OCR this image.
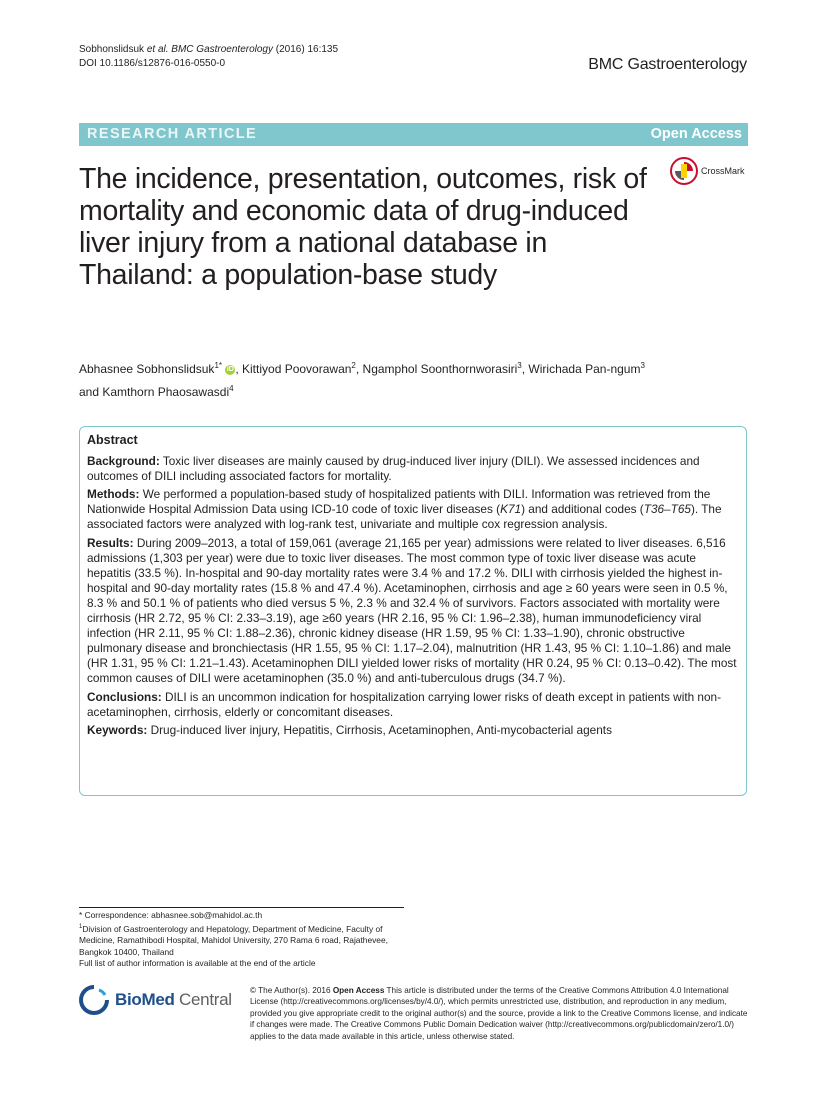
Sobhonslidsuk et al. BMC Gastroenterology (2016) 16:135
DOI 10.1186/s12876-016-0550-0	BMC Gastroenterology
RESEARCH ARTICLE	Open Access
CrossMark
The incidence, presentation, outcomes, risk of mortality and economic data of drug-induced liver injury from a national database in Thailand: a population-base study
Abhasnee Sobhonslidsuk$^{1*}$ iD , Kittiyod Poovorawan$^2$, Ngamphol Soonthornworasiri$^3$, Wirichada Pan-ngum$^3$
and Kamthorn Phaosawasdi$^4$
Abstract

Background: Toxic liver diseases are mainly caused by drug-induced liver injury (DILI). We assessed incidences and outcomes of DILI including associated factors for mortality.

Methods: We performed a population-based study of hospitalized patients with DILI. Information was retrieved from the Nationwide Hospital Admission Data using ICD-10 code of toxic liver diseases (K71) and additional codes (T36–T65). The associated factors were analyzed with log-rank test, univariate and multiple cox regression analysis.

Results: During 2009–2013, a total of 159,061 (average 21,165 per year) admissions were related to liver diseases. 6,516 admissions (1,303 per year) were due to toxic liver diseases. The most common type of toxic liver disease was acute hepatitis (33.5 %). In-hospital and 90-day mortality rates were 3.4 % and 17.2 %. DILI with cirrhosis yielded the highest in-hospital and 90-day mortality rates (15.8 % and 47.4 %). Acetaminophen, cirrhosis and age ≥ 60 years were seen in 0.5 %, 8.3 % and 50.1 % of patients who died versus 5 %, 2.3 % and 32.4 % of survivors. Factors associated with mortality were cirrhosis (HR 2.72, 95 % CI: 2.33–3.19), age ≥60 years (HR 2.16, 95 % CI: 1.96–2.38), human immunodeficiency viral infection (HR 2.11, 95 % CI: 1.88–2.36), chronic kidney disease (HR 1.59, 95 % CI: 1.33–1.90), chronic obstructive pulmonary disease and bronchiectasis (HR 1.55, 95 % CI: 1.17–2.04), malnutrition (HR 1.43, 95 % CI: 1.10–1.86) and male (HR 1.31, 95 % CI: 1.21–1.43). Acetaminophen DILI yielded lower risks of mortality (HR 0.24, 95 % CI: 0.13–0.42). The most common causes of DILI were acetaminophen (35.0 %) and anti-tuberculous drugs (34.7 %).

Conclusions: DILI is an uncommon indication for hospitalization carrying lower risks of death except in patients with non-acetaminophen, cirrhosis, elderly or concomitant diseases.

Keywords: Drug-induced liver injury, Hepatitis, Cirrhosis, Acetaminophen, Anti-mycobacterial agents

* Correspondence: abhasnee.sob@mahidol.ac.th
$^1$Division of Gastroenterology and Hepatology, Department of Medicine, Faculty of Medicine, Ramathibodi Hospital, Mahidol University, 270 Rama 6 road, Rajathevee, Bangkok 10400, Thailand
Full list of author information is available at the end of the article
BioMed Central © The Author(s). 2016 Open Access This article is distributed under the terms of the Creative Commons Attribution 4.0 International License (http://creativecommons.org/licenses/by/4.0/), which permits unrestricted use, distribution, and reproduction in any medium, provided you give appropriate credit to the original author(s) and the source, provide a link to the Creative Commons license, and indicate if changes were made. The Creative Commons Public Domain Dedication waiver (http://creativecommons.org/publicdomain/zero/1.0/) applies to the data made available in this article, unless otherwise stated.
